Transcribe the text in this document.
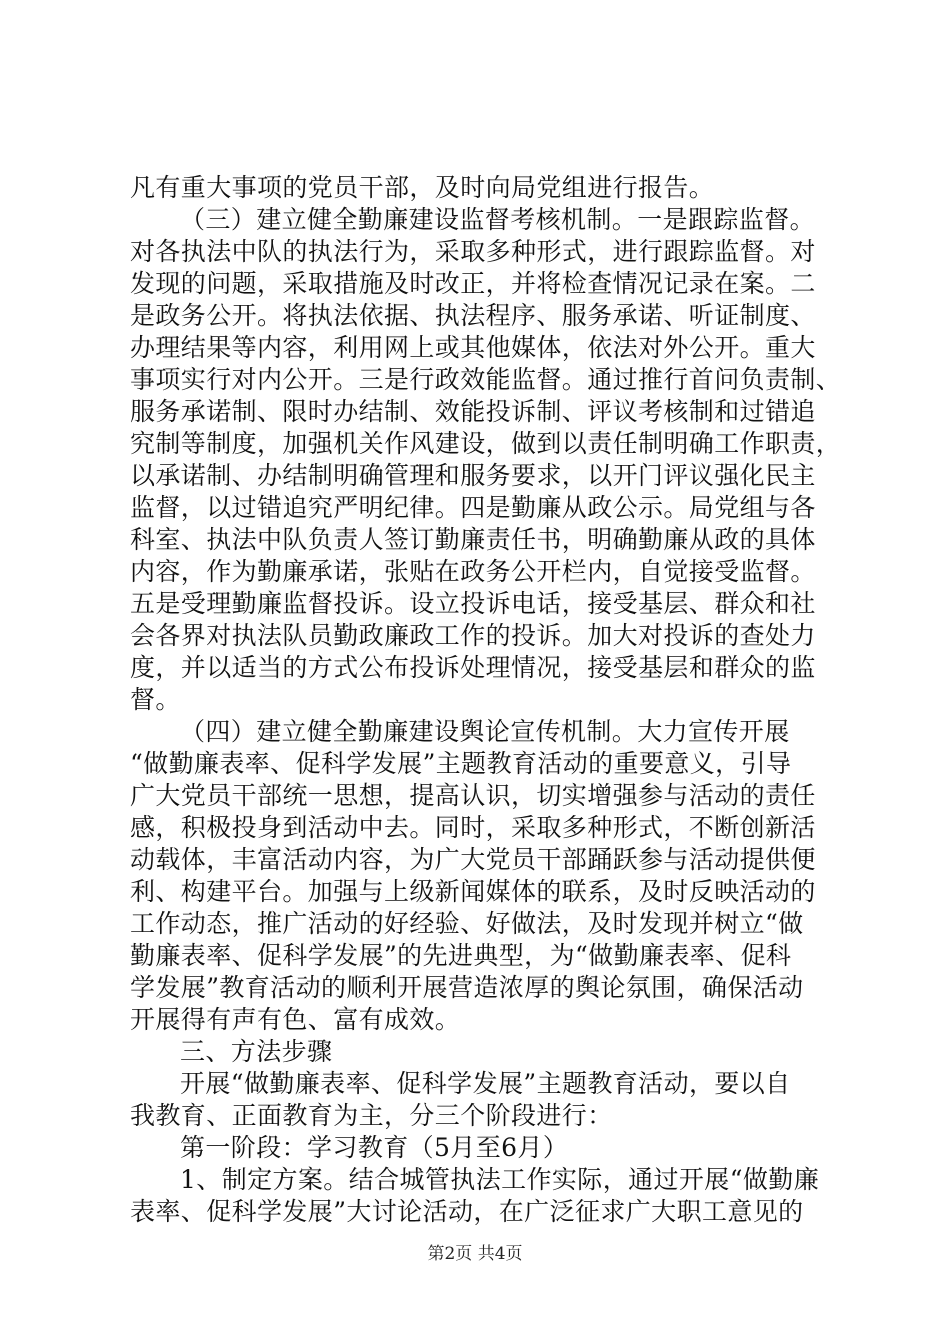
凡有重大事项的党员干部，及时向局党组进行报告。
（三）建立健全勤廉建设监督考核机制。一是跟踪监督。
对各执法中队的执法行为，采取多种形式，进行跟踪监督。对
发现的问题，采取措施及时改正，并将检查情况记录在案。二
是政务公开。将执法依据、执法程序、服务承诺、听证制度、
办理结果等内容，利用网上或其他媒体，依法对外公开。重大
事项实行对内公开。三是行政效能监督。通过推行首问负责制、
服务承诺制、限时办结制、效能投诉制、评议考核制和过错追
究制等制度，加强机关作风建设，做到以责任制明确工作职责，
以承诺制、办结制明确管理和服务要求，以开门评议强化民主
监督，以过错追究严明纪律。四是勤廉从政公示。局党组与各
科室、执法中队负责人签订勤廉责任书，明确勤廉从政的具体
内容，作为勤廉承诺，张贴在政务公开栏内，自觉接受监督。
五是受理勤廉监督投诉。设立投诉电话，接受基层、群众和社
会各界对执法队员勤政廉政工作的投诉。加大对投诉的查处力
度，并以适当的方式公布投诉处理情况，接受基层和群众的监
督。
（四）建立健全勤廉建设舆论宣传机制。大力宣传开展
“做勤廉表率、促科学发展”主题教育活动的重要意义，引导
广大党员干部统一思想，提高认识，切实增强参与活动的责任
感，积极投身到活动中去。同时，采取多种形式，不断创新活
动载体，丰富活动内容，为广大党员干部踊跃参与活动提供便
利、构建平台。加强与上级新闻媒体的联系，及时反映活动的
工作动态，推广活动的好经验、好做法，及时发现并树立“做
勤廉表率、促科学发展”的先进典型，为“做勤廉表率、促科
学发展”教育活动的顺利开展营造浓厚的舆论氛围，确保活动
开展得有声有色、富有成效。
三、方法步骤
开展“做勤廉表率、促科学发展”主题教育活动，要以自
我教育、正面教育为主，分三个阶段进行：
第一阶段：学习教育（5月至6月）
1、制定方案。结合城管执法工作实际，通过开展“做勤廉
表率、促科学发展”大讨论活动，在广泛征求广大职工意见的
第2页 共4页
